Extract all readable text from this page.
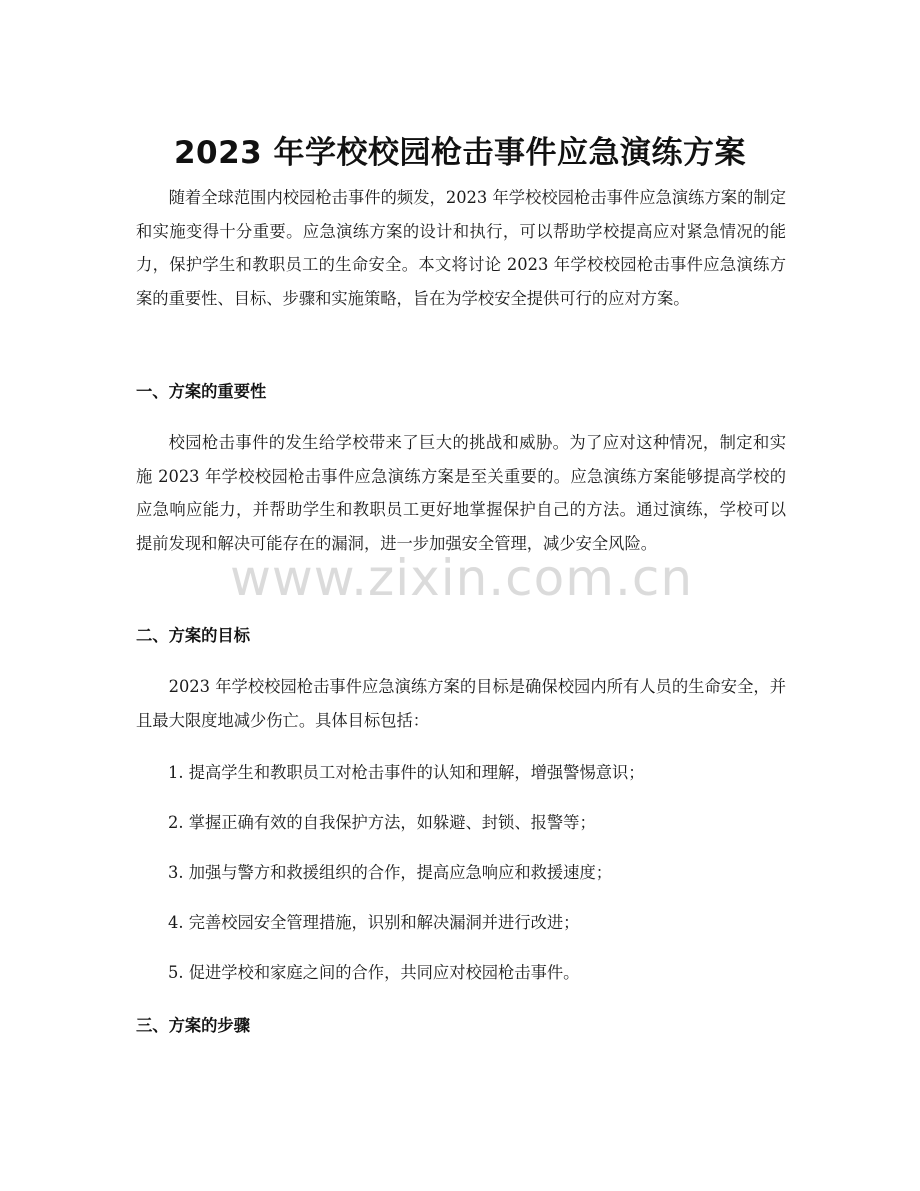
2023 年学校校园枪击事件应急演练方案

随着全球范围内校园枪击事件的频发，2023 年学校校园枪击事件应急演练方案的制定和实施变得十分重要。应急演练方案的设计和执行，可以帮助学校提高应对紧急情况的能力，保护学生和教职员工的生命安全。本文将讨论 2023 年学校校园枪击事件应急演练方案的重要性、目标、步骤和实施策略，旨在为学校安全提供可行的应对方案。

一、方案的重要性

校园枪击事件的发生给学校带来了巨大的挑战和威胁。为了应对这种情况，制定和实施 2023 年学校校园枪击事件应急演练方案是至关重要的。应急演练方案能够提高学校的应急响应能力，并帮助学生和教职员工更好地掌握保护自己的方法。通过演练，学校可以提前发现和解决可能存在的漏洞，进一步加强安全管理，减少安全风险。

二、方案的目标

2023 年学校校园枪击事件应急演练方案的目标是确保校园内所有人员的生命安全，并且最大限度地减少伤亡。具体目标包括：

1. 提高学生和教职员工对枪击事件的认知和理解，增强警惕意识；

2. 掌握正确有效的自我保护方法，如躲避、封锁、报警等；

3. 加强与警方和救援组织的合作，提高应急响应和救援速度；

4. 完善校园安全管理措施，识别和解决漏洞并进行改进；

5. 促进学校和家庭之间的合作，共同应对校园枪击事件。

三、方案的步骤
www.zixin.com.cn
